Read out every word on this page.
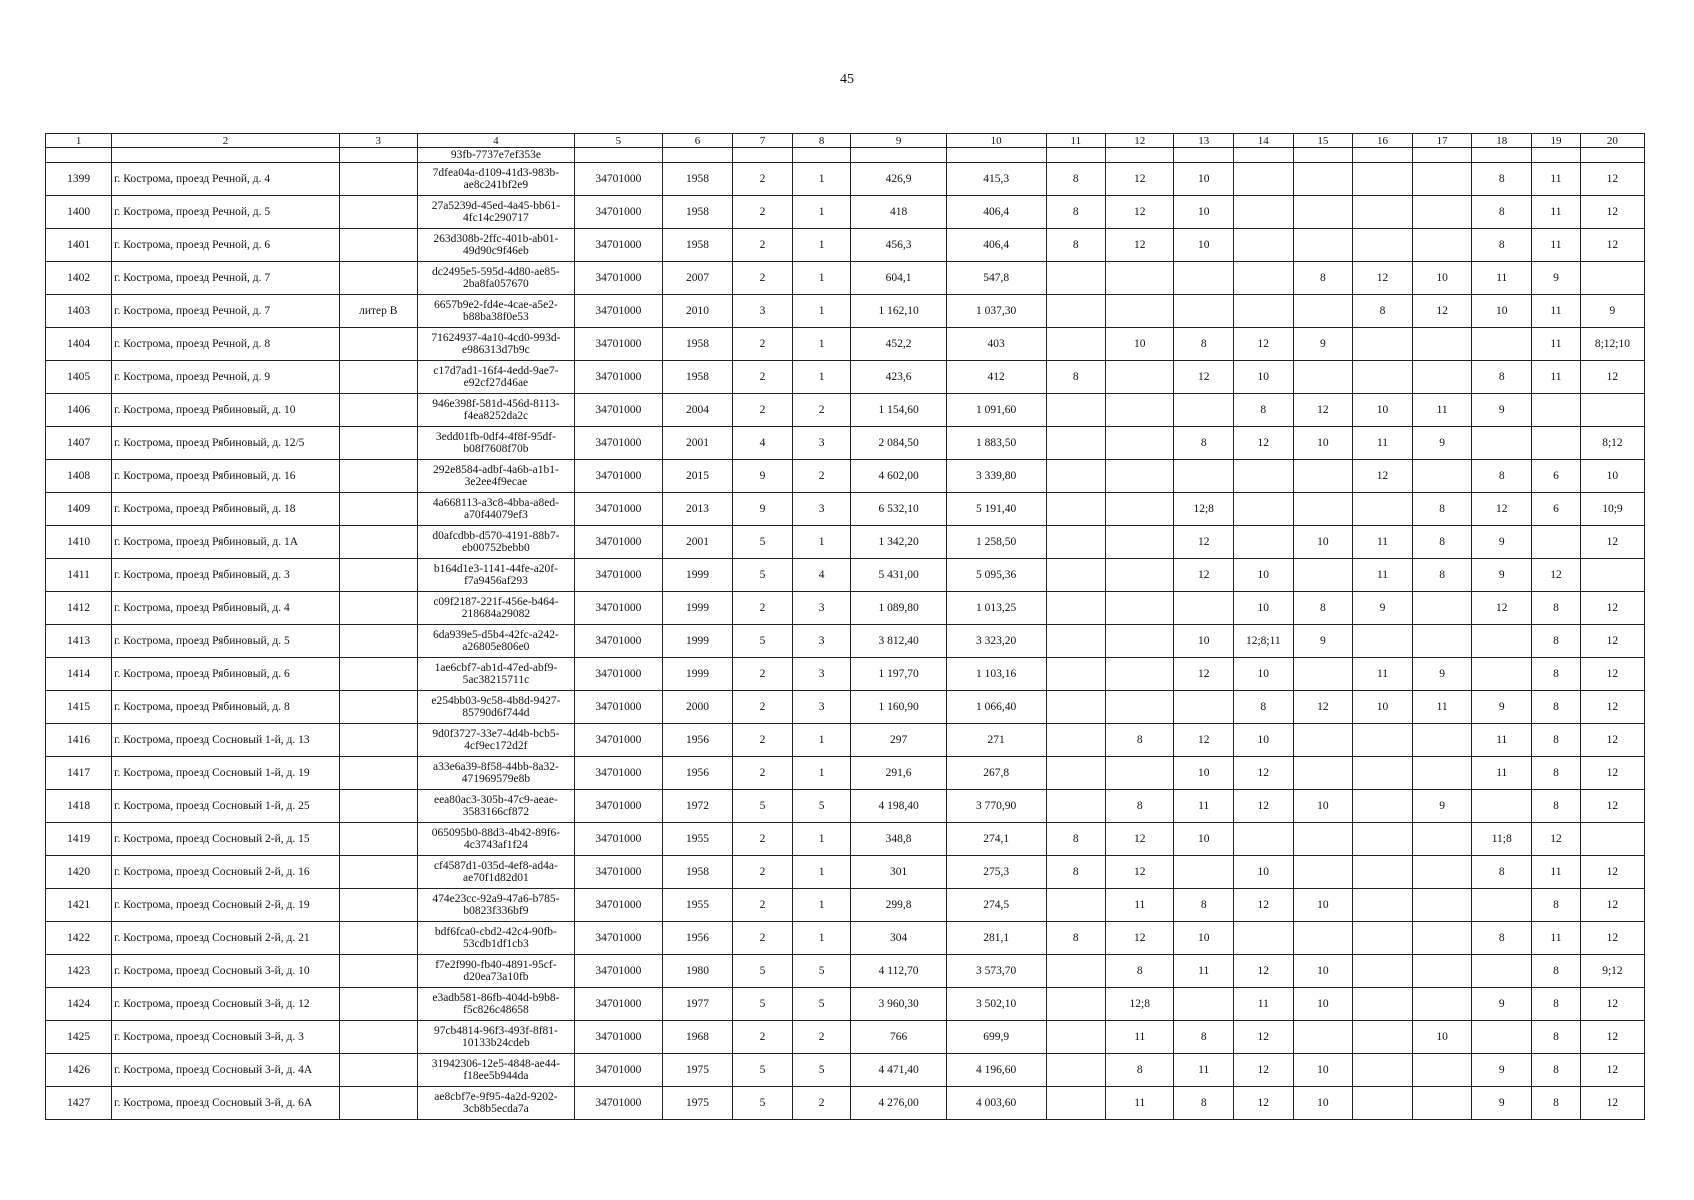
45
1	2	3	4	5	6	7	8	9	10	11	12	13	14	15	16	17	18	19	20
			93fb-7737e7ef353e																
1399	г. Кострома, проезд Речной, д. 4		7dfea04a-d109-41d3-983b-ae8c241bf2e9	34701000	1958	2	1	426,9	415,3	8	12	10					8	11	12
1400	г. Кострома, проезд Речной, д. 5		27a5239d-45ed-4a45-bb61-4fc14c290717	34701000	1958	2	1	418	406,4	8	12	10					8	11	12
1401	г. Кострома, проезд Речной, д. 6		263d308b-2ffc-401b-ab01-49d90c9f46eb	34701000	1958	2	1	456,3	406,4	8	12	10					8	11	12
1402	г. Кострома, проезд Речной, д. 7		dc2495e5-595d-4d80-ae85-2ba8fa057670	34701000	2007	2	1	604,1	547,8					8	12	10	11	9	
1403	г. Кострома, проезд Речной, д. 7	литер В	6657b9e2-fd4e-4cae-a5e2-b88ba38f0e53	34701000	2010	3	1	1 162,10	1 037,30						8	12	10	11	9
1404	г. Кострома, проезд Речной, д. 8		71624937-4a10-4cd0-993d-e986313d7b9c	34701000	1958	2	1	452,2	403		10	8	12	9				11	8;12;10
1405	г. Кострома, проезд Речной, д. 9		c17d7ad1-16f4-4edd-9ae7-e92cf27d46ae	34701000	1958	2	1	423,6	412	8		12	10				8	11	12
1406	г. Кострома, проезд Рябиновый, д. 10		946e398f-581d-456d-8113-f4ea8252da2c	34701000	2004	2	2	1 154,60	1 091,60				8	12	10	11	9		
1407	г. Кострома, проезд Рябиновый, д. 12/5		3edd01fb-0df4-4f8f-95df-b08f7608f70b	34701000	2001	4	3	2 084,50	1 883,50			8	12	10	11	9			8;12
1408	г. Кострома, проезд Рябиновый, д. 16		292e8584-adbf-4a6b-a1b1-3e2ee4f9ecae	34701000	2015	9	2	4 602,00	3 339,80						12		8	6	10
1409	г. Кострома, проезд Рябиновый, д. 18		4a668113-a3c8-4bba-a8ed-a70f44079ef3	34701000	2013	9	3	6 532,10	5 191,40			12;8				8	12	6	10;9
1410	г. Кострома, проезд Рябиновый, д. 1А		d0afcdbb-d570-4191-88b7-eb00752bebb0	34701000	2001	5	1	1 342,20	1 258,50			12		10	11	8	9		12
1411	г. Кострома, проезд Рябиновый, д. 3		b164d1e3-1141-44fe-a20f-f7a9456af293	34701000	1999	5	4	5 431,00	5 095,36			12	10		11	8	9	12	
1412	г. Кострома, проезд Рябиновый, д. 4		c09f2187-221f-456e-b464-218684a29082	34701000	1999	2	3	1 089,80	1 013,25				10	8	9		12	8	12
1413	г. Кострома, проезд Рябиновый, д. 5		6da939e5-d5b4-42fc-a242-a26805e806e0	34701000	1999	5	3	3 812,40	3 323,20			10	12;8;11	9				8	12
1414	г. Кострома, проезд Рябиновый, д. 6		1ae6cbf7-ab1d-47ed-abf9-5ac38215711c	34701000	1999	2	3	1 197,70	1 103,16			12	10		11	9		8	12
1415	г. Кострома, проезд Рябиновый, д. 8		e254bb03-9c58-4b8d-9427-85790d6f744d	34701000	2000	2	3	1 160,90	1 066,40				8	12	10	11	9	8	12
1416	г. Кострома, проезд Сосновый 1-й, д. 13		9d0f3727-33e7-4d4b-bcb5-4cf9ec172d2f	34701000	1956	2	1	297	271		8	12	10				11	8	12
1417	г. Кострома, проезд Сосновый 1-й, д. 19		a33e6a39-8f58-44bb-8a32-471969579e8b	34701000	1956	2	1	291,6	267,8			10	12				11	8	12
1418	г. Кострома, проезд Сосновый 1-й, д. 25		eea80ac3-305b-47c9-aeae-3583166cf872	34701000	1972	5	5	4 198,40	3 770,90		8	11	12	10		9		8	12
1419	г. Кострома, проезд Сосновый 2-й, д. 15		065095b0-88d3-4b42-89f6-4c3743af1f24	34701000	1955	2	1	348,8	274,1	8	12	10					11;8	12	
1420	г. Кострома, проезд Сосновый 2-й, д. 16		cf4587d1-035d-4ef8-ad4a-ae70f1d82d01	34701000	1958	2	1	301	275,3	8	12		10				8	11	12
1421	г. Кострома, проезд Сосновый 2-й, д. 19		474e23cc-92a9-47a6-b785-b0823f336bf9	34701000	1955	2	1	299,8	274,5		11	8	12	10				8	12
1422	г. Кострома, проезд Сосновый 2-й, д. 21		bdf6fca0-cbd2-42c4-90fb-53cdb1df1cb3	34701000	1956	2	1	304	281,1	8	12	10					8	11	12
1423	г. Кострома, проезд Сосновый 3-й, д. 10		f7e2f990-fb40-4891-95cf-d20ea73a10fb	34701000	1980	5	5	4 112,70	3 573,70		8	11	12	10				8	9;12
1424	г. Кострома, проезд Сосновый 3-й, д. 12		e3adb581-86fb-404d-b9b8-f5c826c48658	34701000	1977	5	5	3 960,30	3 502,10		12;8		11	10			9	8	12
1425	г. Кострома, проезд Сосновый 3-й, д. 3		97cb4814-96f3-493f-8f81-10133b24cdeb	34701000	1968	2	2	766	699,9		11	8	12			10		8	12
1426	г. Кострома, проезд Сосновый 3-й, д. 4А		31942306-12e5-4848-ae44-f18ee5b944da	34701000	1975	5	5	4 471,40	4 196,60		8	11	12	10			9	8	12
1427	г. Кострома, проезд Сосновый 3-й, д. 6А		ae8cbf7e-9f95-4a2d-9202-3cb8b5ecda7a	34701000	1975	5	2	4 276,00	4 003,60		11	8	12	10			9	8	12
